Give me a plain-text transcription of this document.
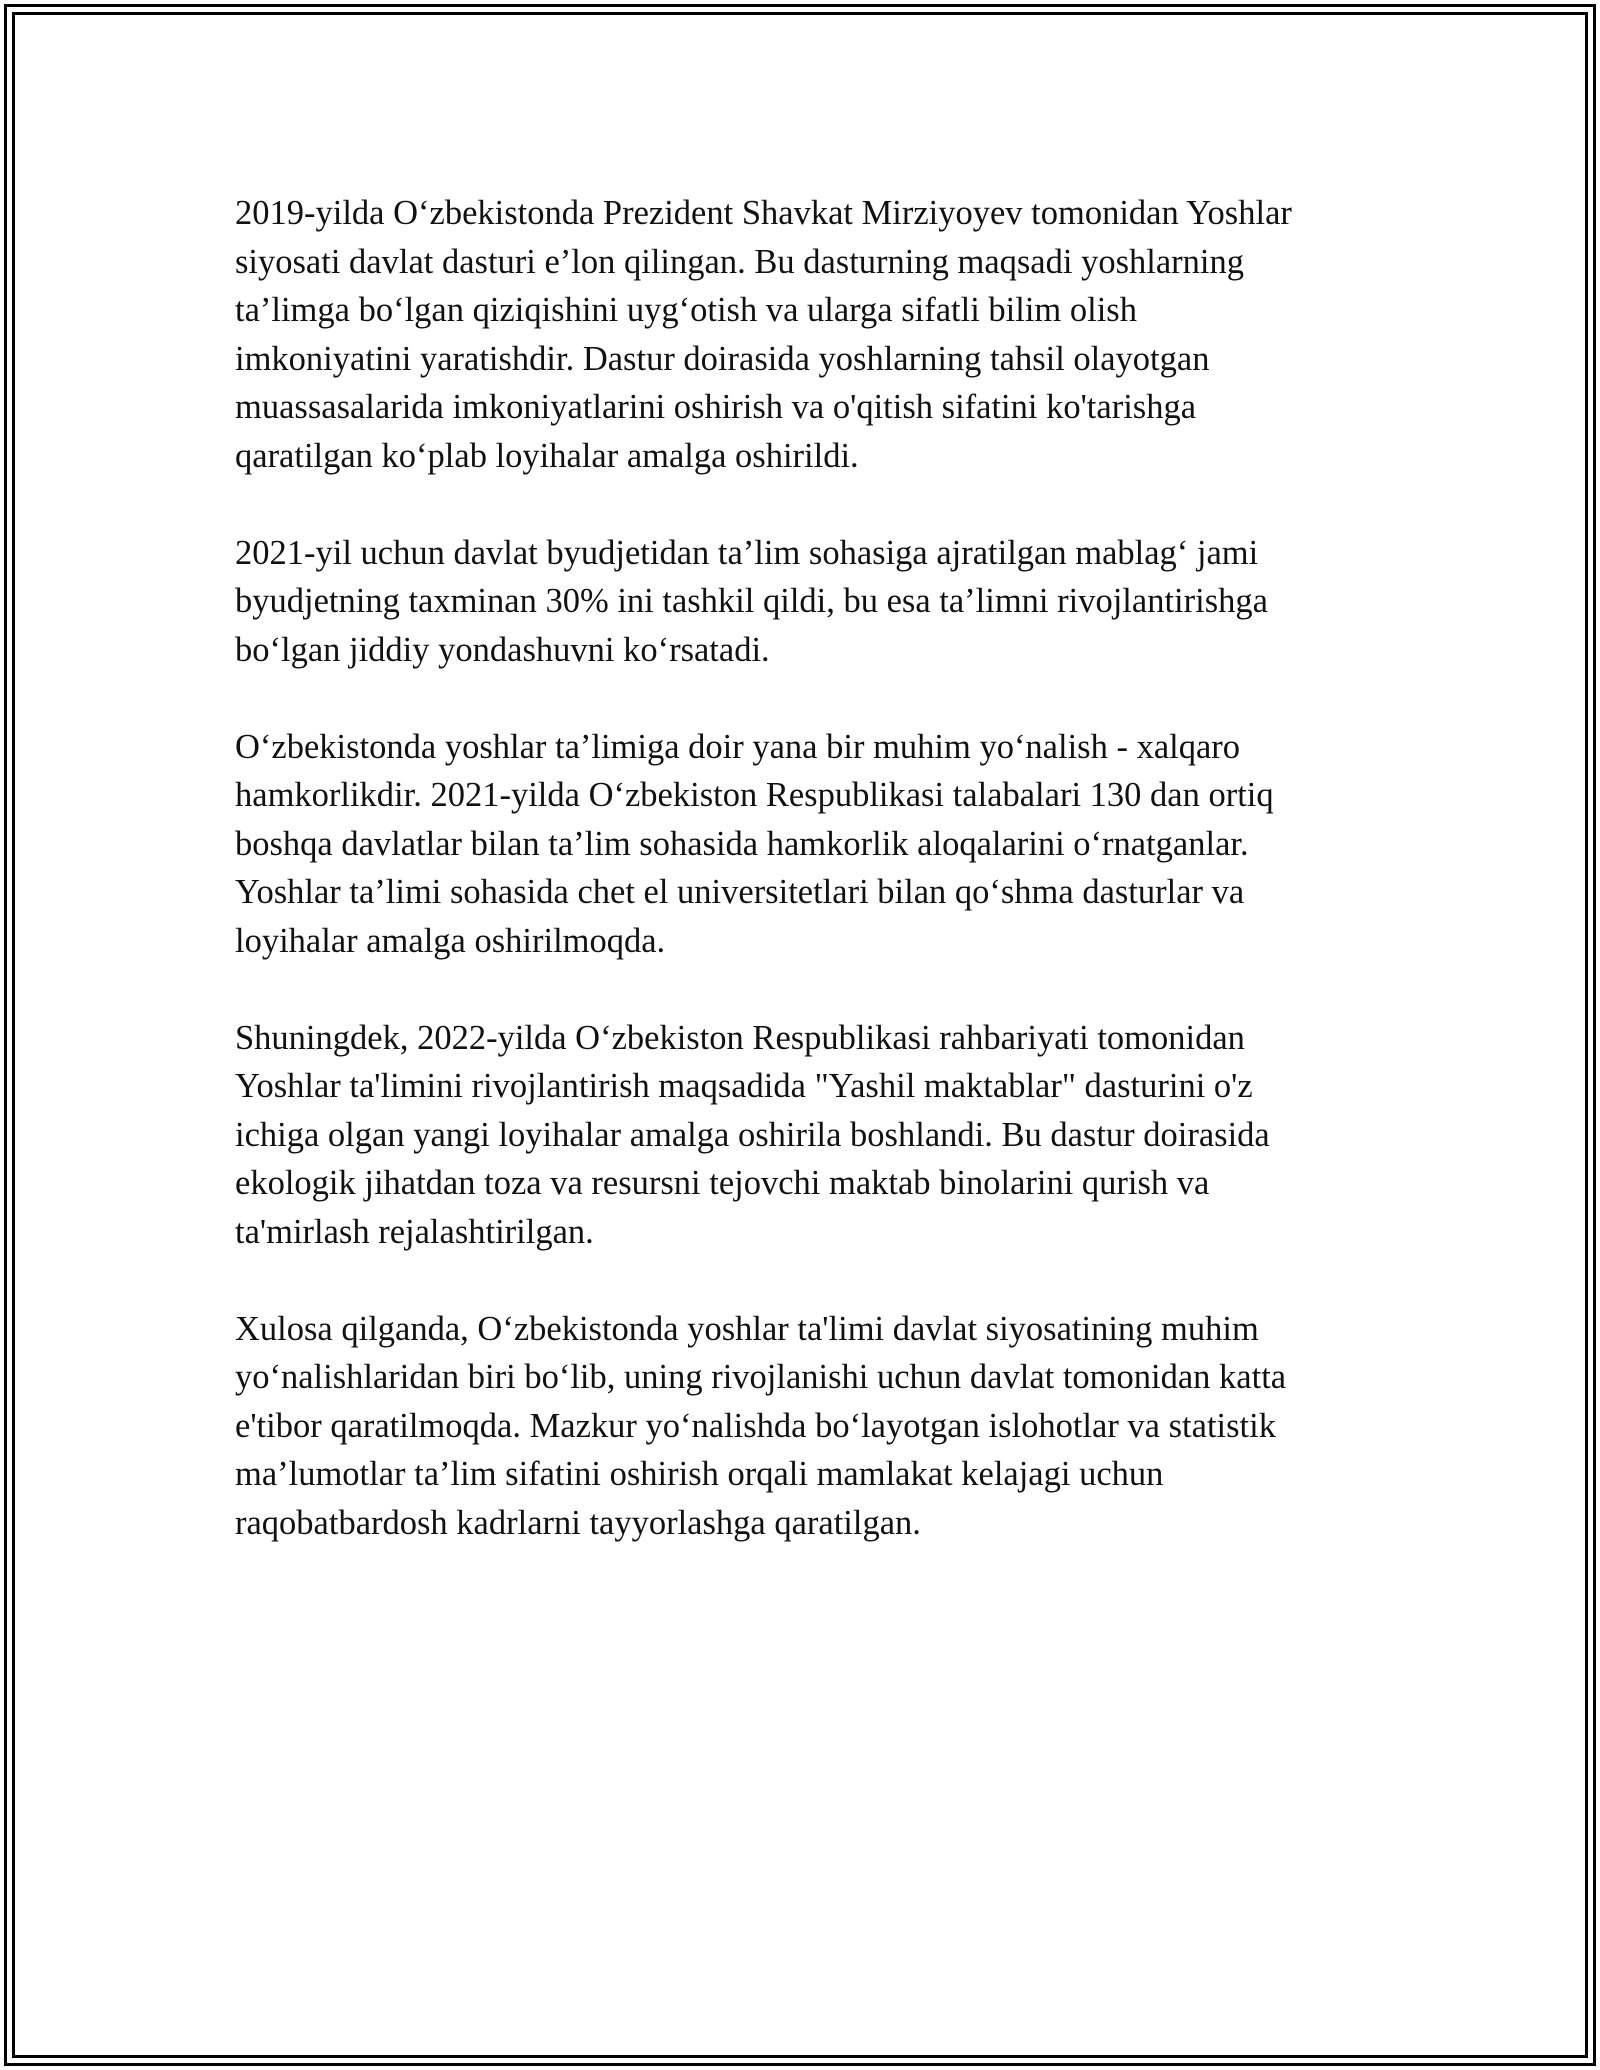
2019-yilda O‘zbekistonda Prezident Shavkat Mirziyoyev tomonidan Yoshlar
siyosati davlat dasturi e’lon qilingan. Bu dasturning maqsadi yoshlarning
ta’limga bo‘lgan qiziqishini uyg‘otish va ularga sifatli bilim olish
imkoniyatini yaratishdir. Dastur doirasida yoshlarning tahsil olayotgan
muassasalarida imkoniyatlarini oshirish va o'qitish sifatini ko'tarishga
qaratilgan ko‘plab loyihalar amalga oshirildi.

2021-yil uchun davlat byudjetidan ta’lim sohasiga ajratilgan mablag‘ jami
byudjetning taxminan 30% ini tashkil qildi, bu esa ta’limni rivojlantirishga
bo‘lgan jiddiy yondashuvni ko‘rsatadi.

O‘zbekistonda yoshlar ta’limiga doir yana bir muhim yo‘nalish - xalqaro
hamkorlikdir. 2021-yilda O‘zbekiston Respublikasi talabalari 130 dan ortiq
boshqa davlatlar bilan ta’lim sohasida hamkorlik aloqalarini o‘rnatganlar.
Yoshlar ta’limi sohasida chet el universitetlari bilan qo‘shma dasturlar va
loyihalar amalga oshirilmoqda.

Shuningdek, 2022-yilda O‘zbekiston Respublikasi rahbariyati tomonidan
Yoshlar ta'limini rivojlantirish maqsadida "Yashil maktablar" dasturini o'z
ichiga olgan yangi loyihalar amalga oshirila boshlandi. Bu dastur doirasida
ekologik jihatdan toza va resursni tejovchi maktab binolarini qurish va
ta'mirlash rejalashtirilgan.

Xulosa qilganda, O‘zbekistonda yoshlar ta'limi davlat siyosatining muhim
yo‘nalishlaridan biri bo‘lib, uning rivojlanishi uchun davlat tomonidan katta
e'tibor qaratilmoqda. Mazkur yo‘nalishda bo‘layotgan islohotlar va statistik
ma’lumotlar ta’lim sifatini oshirish orqali mamlakat kelajagi uchun
raqobatbardosh kadrlarni tayyorlashga qaratilgan.
